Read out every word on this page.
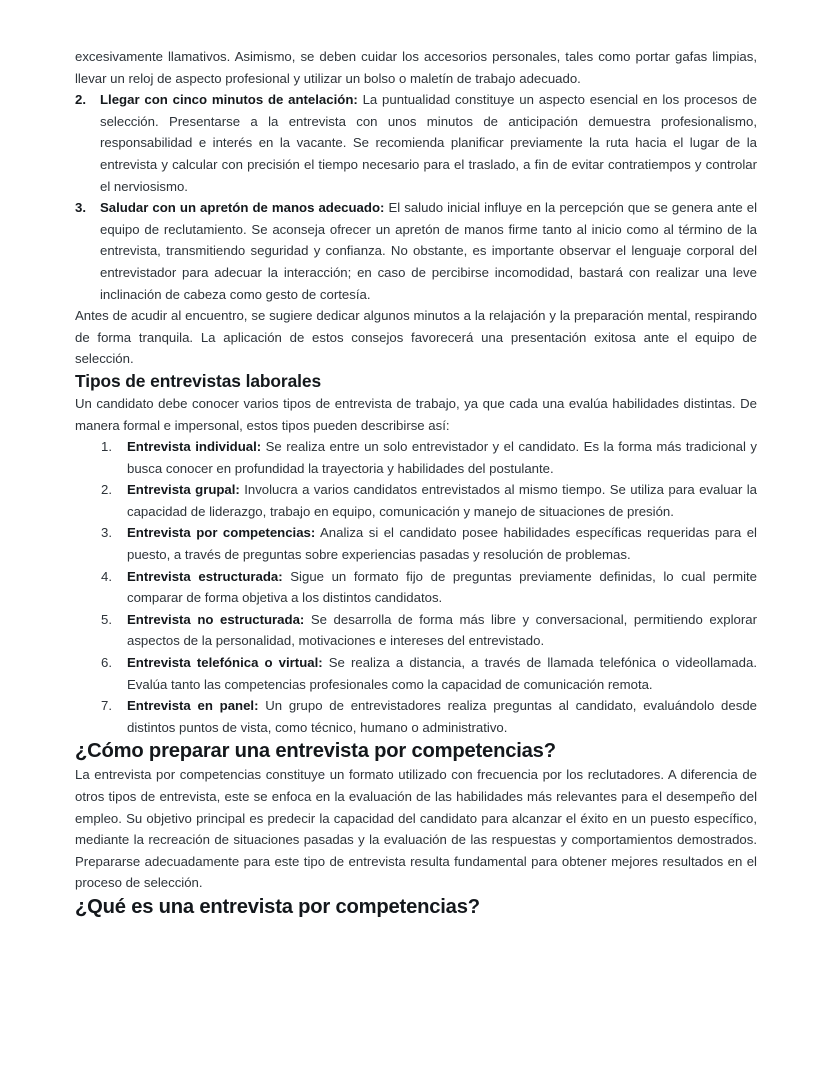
excesivamente llamativos. Asimismo, se deben cuidar los accesorios personales, tales como portar gafas limpias, llevar un reloj de aspecto profesional y utilizar un bolso o maletín de trabajo adecuado.

2.	Llegar con cinco minutos de antelación: La puntualidad constituye un aspecto esencial en los procesos de selección. Presentarse a la entrevista con unos minutos de anticipación demuestra profesionalismo, responsabilidad e interés en la vacante. Se recomienda planificar previamente la ruta hacia el lugar de la entrevista y calcular con precisión el tiempo necesario para el traslado, a fin de evitar contratiempos y controlar el nerviosismo.
3.	Saludar con un apretón de manos adecuado: El saludo inicial influye en la percepción que se genera ante el equipo de reclutamiento. Se aconseja ofrecer un apretón de manos firme tanto al inicio como al término de la entrevista, transmitiendo seguridad y confianza. No obstante, es importante observar el lenguaje corporal del entrevistador para adecuar la interacción; en caso de percibirse incomodidad, bastará con realizar una leve inclinación de cabeza como gesto de cortesía.

Antes de acudir al encuentro, se sugiere dedicar algunos minutos a la relajación y la preparación mental, respirando de forma tranquila. La aplicación de estos consejos favorecerá una presentación exitosa ante el equipo de selección.

Tipos de entrevistas laborales

Un candidato debe conocer varios tipos de entrevista de trabajo, ya que cada una evalúa habilidades distintas. De manera formal e impersonal, estos tipos pueden describirse así:

1.	Entrevista individual: Se realiza entre un solo entrevistador y el candidato. Es la forma más tradicional y busca conocer en profundidad la trayectoria y habilidades del postulante.
2.	Entrevista grupal: Involucra a varios candidatos entrevistados al mismo tiempo. Se utiliza para evaluar la capacidad de liderazgo, trabajo en equipo, comunicación y manejo de situaciones de presión.
3.	Entrevista por competencias: Analiza si el candidato posee habilidades específicas requeridas para el puesto, a través de preguntas sobre experiencias pasadas y resolución de problemas.
4.	Entrevista estructurada: Sigue un formato fijo de preguntas previamente definidas, lo cual permite comparar de forma objetiva a los distintos candidatos.
5.	Entrevista no estructurada: Se desarrolla de forma más libre y conversacional, permitiendo explorar aspectos de la personalidad, motivaciones e intereses del entrevistado.
6.	Entrevista telefónica o virtual: Se realiza a distancia, a través de llamada telefónica o videollamada. Evalúa tanto las competencias profesionales como la capacidad de comunicación remota.
7.	Entrevista en panel: Un grupo de entrevistadores realiza preguntas al candidato, evaluándolo desde distintos puntos de vista, como técnico, humano o administrativo.
¿Cómo preparar una entrevista por competencias?

La entrevista por competencias constituye un formato utilizado con frecuencia por los reclutadores. A diferencia de otros tipos de entrevista, este se enfoca en la evaluación de las habilidades más relevantes para el desempeño del empleo. Su objetivo principal es predecir la capacidad del candidato para alcanzar el éxito en un puesto específico, mediante la recreación de situaciones pasadas y la evaluación de las respuestas y comportamientos demostrados. Prepararse adecuadamente para este tipo de entrevista resulta fundamental para obtener mejores resultados en el proceso de selección.

¿Qué es una entrevista por competencias?
